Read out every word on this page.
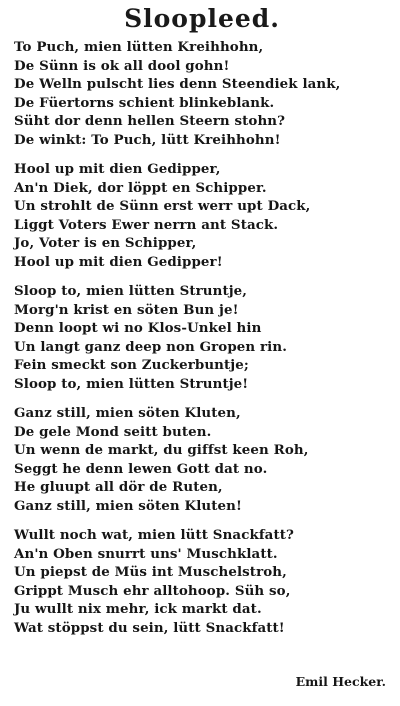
Sloopleed.
To Puch, mien lütten Kreihhohn,
De Sünn is ok all dool gohn!
De Welln pulscht lies denn Steendiek lank,
De Füertorns schient blinkeblank.
Süht dor denn hellen Steern stohn?
De winkt: To Puch, lütt Kreihhohn!
Hool up mit dien Gedipper,
An'n Diek, dor löppt en Schipper.
Un strohlt de Sünn erst werr upt Dack,
Liggt Voters Ewer nerrn ant Stack.
Jo, Voter is en Schipper,
Hool up mit dien Gedipper!
Sloop to, mien lütten Struntje,
Morg'n krist en söten Bun je!
Denn loopt wi no Klos-Unkel hin
Un langt ganz deep non Gropen rin.
Fein smeckt son Zuckerbuntje;
Sloop to, mien lütten Struntje!
Ganz still, mien söten Kluten,
De gele Mond seitt buten.
Un wenn de markt, du giffst keen Roh,
Seggt he denn lewen Gott dat no.
He gluupt all dör de Ruten,
Ganz still, mien söten Kluten!
Wullt noch wat, mien lütt Snackfatt?
An'n Oben snurrt uns' Muschklatt.
Un piepst de Müs int Muschelstroh,
Grippt Musch ehr alltohoop. Süh so,
Ju wullt nix mehr, ick markt dat.
Wat stöppst du sein, lütt Snackfatt!
Emil Hecker.
